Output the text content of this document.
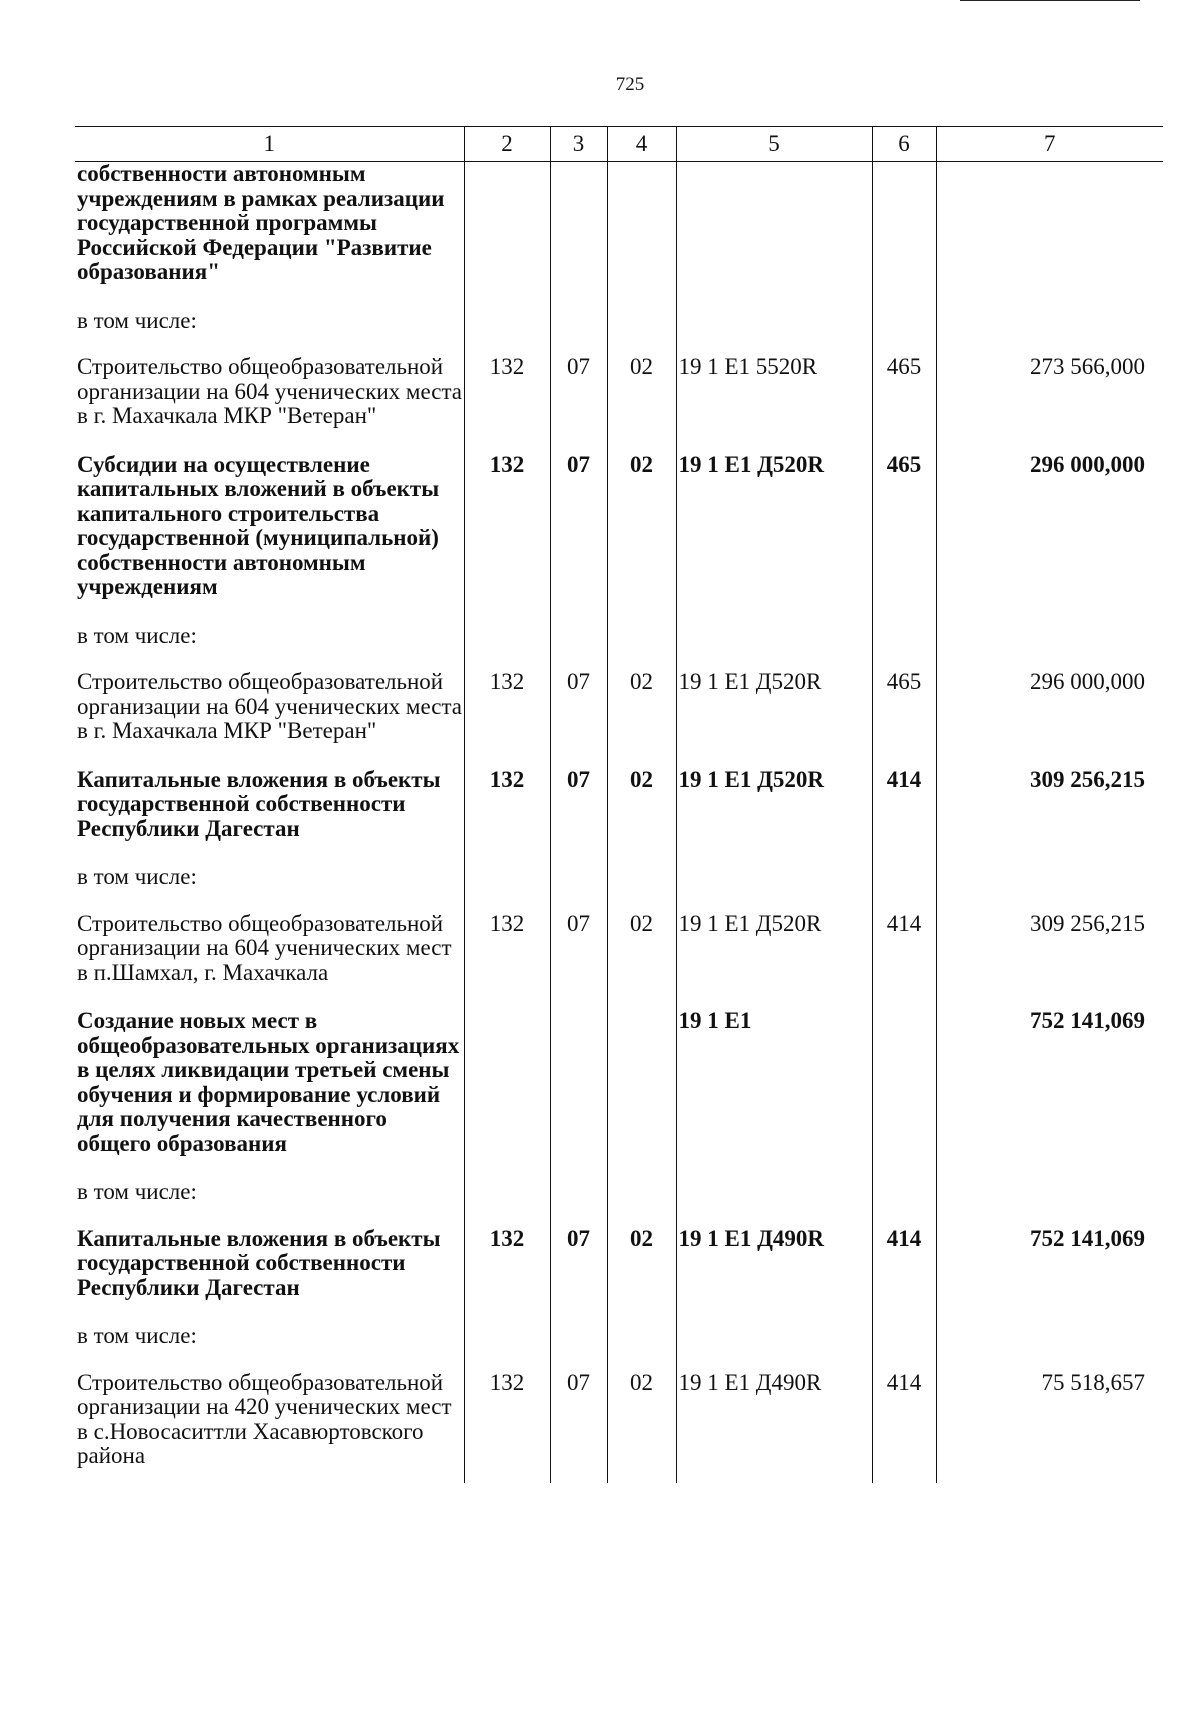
725
1	2	3	4	5	6	7
собственности автономным учреждениям в рамках реализации государственной программы Российской Федерации "Развитие образования"						
в том числе:						
Строительство общеобразовательной организации на 604 ученических места в г. Махачкала МКР "Ветеран"	132	07	02	19 1 E1 5520R	465	273 566,000
Субсидии на осуществление капитальных вложений в объекты капитального строительства государственной (муниципальной) собственности автономным учреждениям	132	07	02	19 1 E1 Д520R	465	296 000,000
в том числе:						
Строительство общеобразовательной организации на 604 ученических места в г. Махачкала МКР "Ветеран"	132	07	02	19 1 E1 Д520R	465	296 000,000
Капитальные вложения в объекты государственной собственности Республики Дагестан	132	07	02	19 1 E1 Д520R	414	309 256,215
в том числе:						
Строительство общеобразовательной организации на 604 ученических мест в п.Шамхал, г. Махачкала	132	07	02	19 1 E1 Д520R	414	309 256,215
Создание новых мест в общеобразовательных организациях в целях ликвидации третьей смены обучения и формирование условий для получения качественного общего образования				19 1 E1		752 141,069
в том числе:						
Капитальные вложения в объекты государственной собственности Республики Дагестан	132	07	02	19 1 E1 Д490R	414	752 141,069
в том числе:						
Строительство общеобразовательной организации на 420 ученических мест в с.Новосаситтли Хасавюртовского района	132	07	02	19 1 E1 Д490R	414	75 518,657
